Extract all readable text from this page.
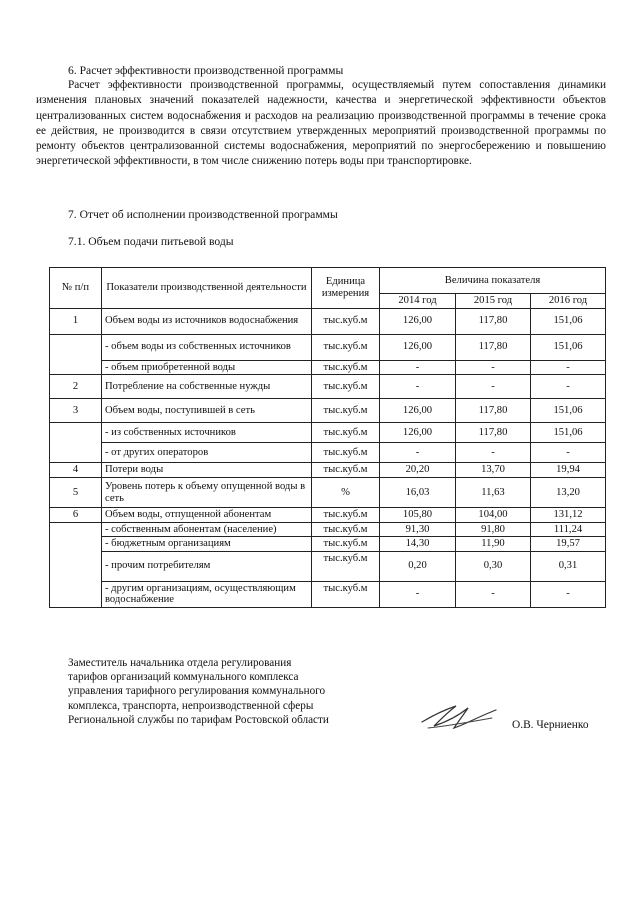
6. Расчет эффективности производственной программы
Расчет эффективности производственной программы, осуществляемый путем сопоставления динамики изменения плановых значений показателей надежности, качества и энергетической эффективности объектов централизованных систем водоснабжения и расходов на реализацию производственной программы в течение срока ее действия, не производится в связи отсутствием утвержденных мероприятий производственной программы по ремонту объектов централизованной системы водоснабжения, мероприятий по энергосбережению и повышению энергетической эффективности, в том числе снижению потерь воды при транспортировке.
7. Отчет об исполнении производственной программы
7.1. Объем подачи питьевой воды
№ п/п	Показатели производственной деятельности	Единица измерения	Величина показателя		
			2014 год	2015 год	2016 год
1	Объем воды из источников водоснабжения	тыс.куб.м	126,00	117,80	151,06
	- объем воды из собственных источников	тыс.куб.м	126,00	117,80	151,06
	- объем приобретенной воды	тыс.куб.м	-	-	-
2	Потребление на собственные нужды	тыс.куб.м	-	-	-
3	Объем воды, поступившей в сеть	тыс.куб.м	126,00	117,80	151,06
	- из собственных источников	тыс.куб.м	126,00	117,80	151,06
	- от других операторов	тыс.куб.м	-	-	-
4	Потери воды	тыс.куб.м	20,20	13,70	19,94
5	Уровень потерь к объему опущенной воды в сеть	%	16,03	11,63	13,20
6	Объем воды, отпущенной абонентам	тыс.куб.м	105,80	104,00	131,12
	- собственным абонентам (население)	тыс.куб.м	91,30	91,80	111,24
	- бюджетным организациям	тыс.куб.м	14,30	11,90	19,57
	- прочим потребителям	тыс.куб.м	0,20	0,30	0,31
	- другим организациям, осуществляющим водоснабжение	тыс.куб.м	-	-	-
Заместитель начальника отдела регулирования
тарифов организаций коммунального комплекса
управления тарифного регулирования коммунального
комплекса, транспорта, непроизводственной сферы
Региональной службы по тарифам Ростовской области	О.В. Черниенко
